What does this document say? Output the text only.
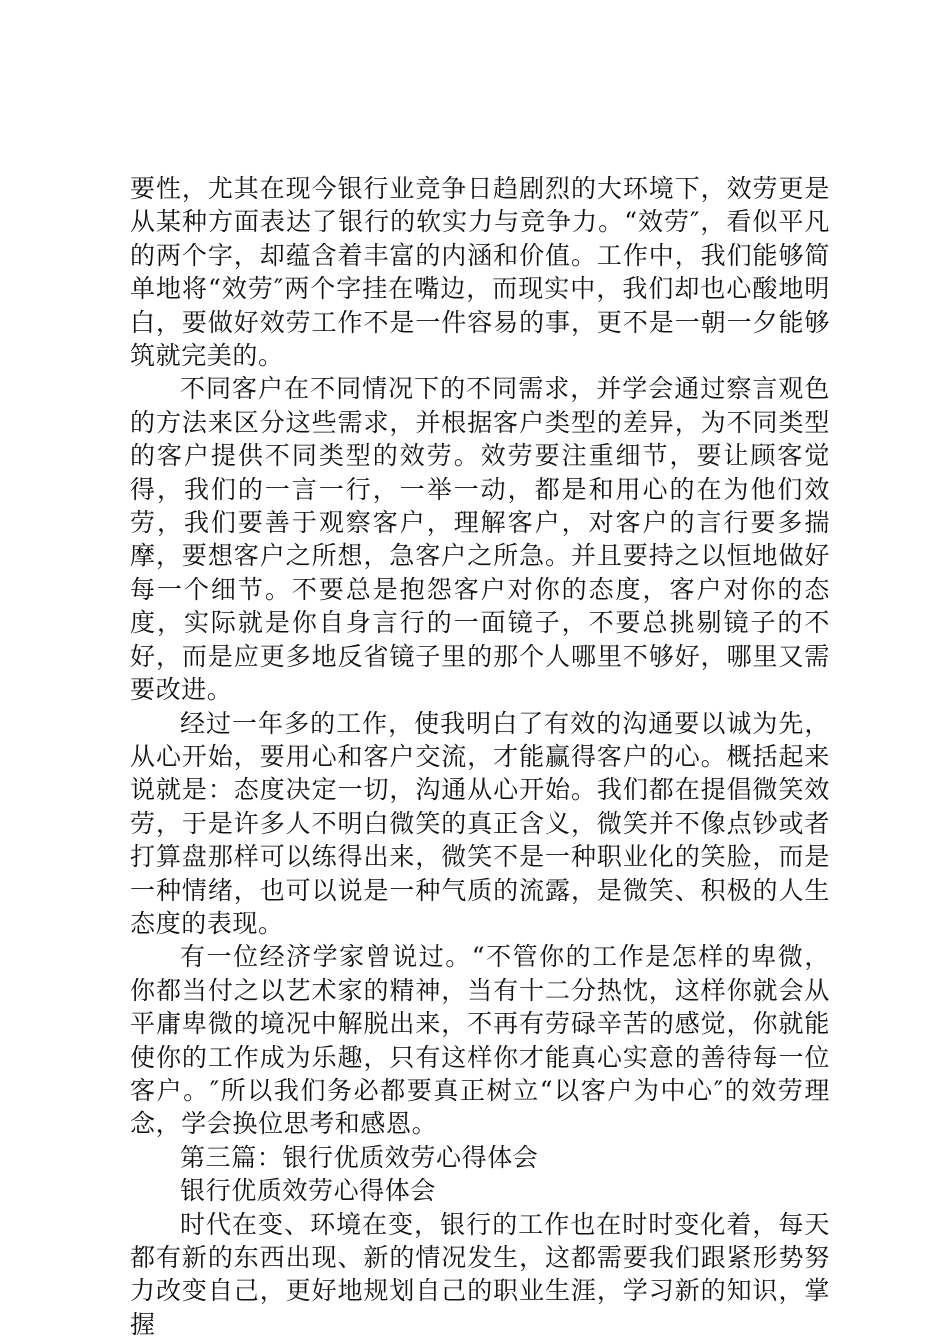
要性，尤其在现今银行业竞争日趋剧烈的大环境下，效劳更是从某种方面表达了银行的软实力与竞争力。“效劳″，看似平凡的两个字，却蕴含着丰富的内涵和价值。工作中，我们能够简单地将“效劳″两个字挂在嘴边，而现实中，我们却也心酸地明白，要做好效劳工作不是一件容易的事，更不是一朝一夕能够筑就完美的。

不同客户在不同情况下的不同需求，并学会通过察言观色的方法来区分这些需求，并根据客户类型的差异，为不同类型的客户提供不同类型的效劳。效劳要注重细节，要让顾客觉得，我们的一言一行，一举一动，都是和用心的在为他们效劳，我们要善于观察客户，理解客户，对客户的言行要多揣摩，要想客户之所想，急客户之所急。并且要持之以恒地做好每一个细节。不要总是抱怨客户对你的态度，客户对你的态度，实际就是你自身言行的一面镜子，不要总挑剔镜子的不好，而是应更多地反省镜子里的那个人哪里不够好，哪里又需要改进。

经过一年多的工作，使我明白了有效的沟通要以诚为先，从心开始，要用心和客户交流，才能赢得客户的心。概括起来说就是：态度决定一切，沟通从心开始。我们都在提倡微笑效劳，于是许多人不明白微笑的真正含义，微笑并不像点钞或者打算盘那样可以练得出来，微笑不是一种职业化的笑脸，而是一种情绪，也可以说是一种气质的流露，是微笑、积极的人生态度的表现。

有一位经济学家曾说过。“不管你的工作是怎样的卑微，你都当付之以艺术家的精神，当有十二分热忱，这样你就会从平庸卑微的境况中解脱出来，不再有劳碌辛苦的感觉，你就能使你的工作成为乐趣，只有这样你才能真心实意的善待每一位客户。″所以我们务必都要真正树立“以客户为中心″的效劳理念，学会换位思考和感恩。

第三篇：银行优质效劳心得体会

银行优质效劳心得体会

时代在变、环境在变，银行的工作也在时时变化着，每天都有新的东西出现、新的情况发生，这都需要我们跟紧形势努力改变自己，更好地规划自己的职业生涯，学习新的知识，掌握
